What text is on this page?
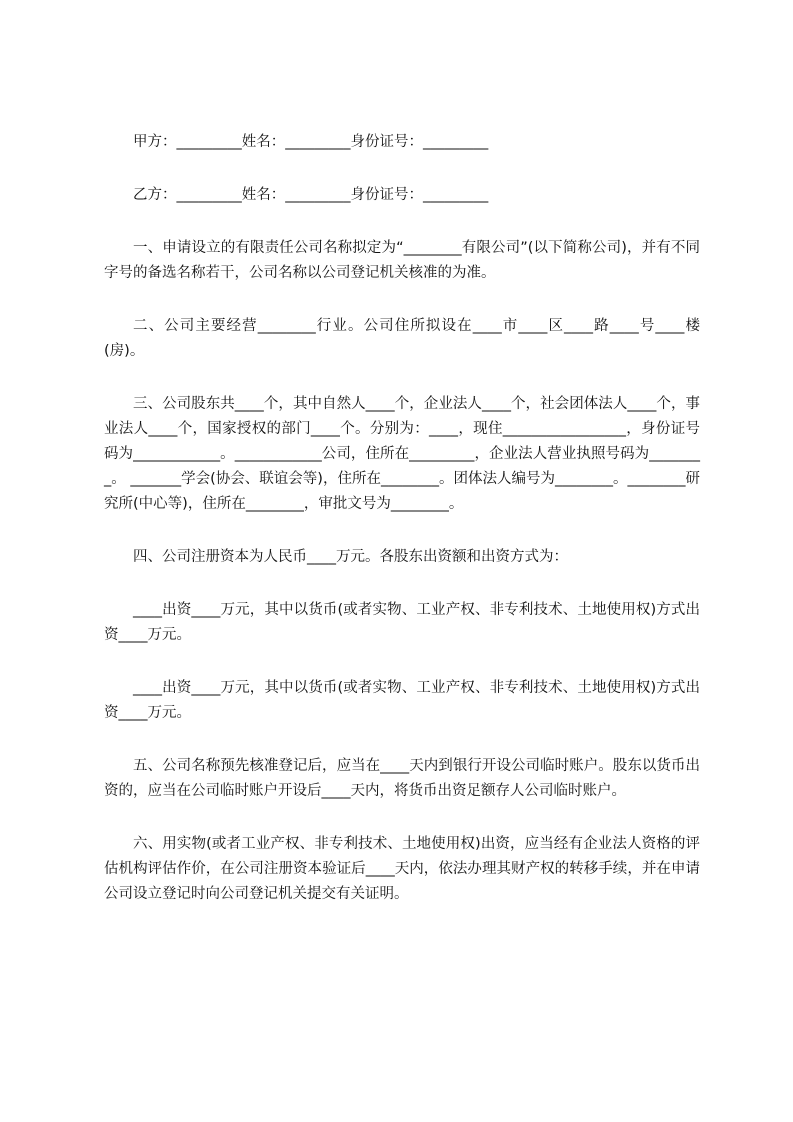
甲方：_________姓名：_________身份证号：_________

乙方：_________姓名：_________身份证号：_________

一、申请设立的有限责任公司名称拟定为“________有限公司”(以下简称公司)，并有不同字号的备选名称若干，公司名称以公司登记机关核准的为准。

二、公司主要经营________行业。公司住所拟设在____市____区____路____号____楼(房)。

三、公司股东共____个，其中自然人____个，企业法人____个，社会团体法人____个，事业法人____个，国家授权的部门____个。分别为：____，现住_________________，身份证号码为____________。____________公司，住所在_________，企业法人营业执照号码为________。 _______学会(协会、联谊会等)，住所在________。团体法人编号为________。________研究所(中心等)，住所在________，审批文号为________。

四、公司注册资本为人民币____万元。各股东出资额和出资方式为：

____出资____万元，其中以货币(或者实物、工业产权、非专利技术、土地使用权)方式出资____万元。

____出资____万元，其中以货币(或者实物、工业产权、非专利技术、土地使用权)方式出资____万元。

五、公司名称预先核准登记后，应当在____天内到银行开设公司临时账户。股东以货币出资的，应当在公司临时账户开设后____天内，将货币出资足额存人公司临时账户。

六、用实物(或者工业产权、非专利技术、土地使用权)出资，应当经有企业法人资格的评估机构评估作价，在公司注册资本验证后____天内，依法办理其财产权的转移手续，并在申请公司设立登记时向公司登记机关提交有关证明。
